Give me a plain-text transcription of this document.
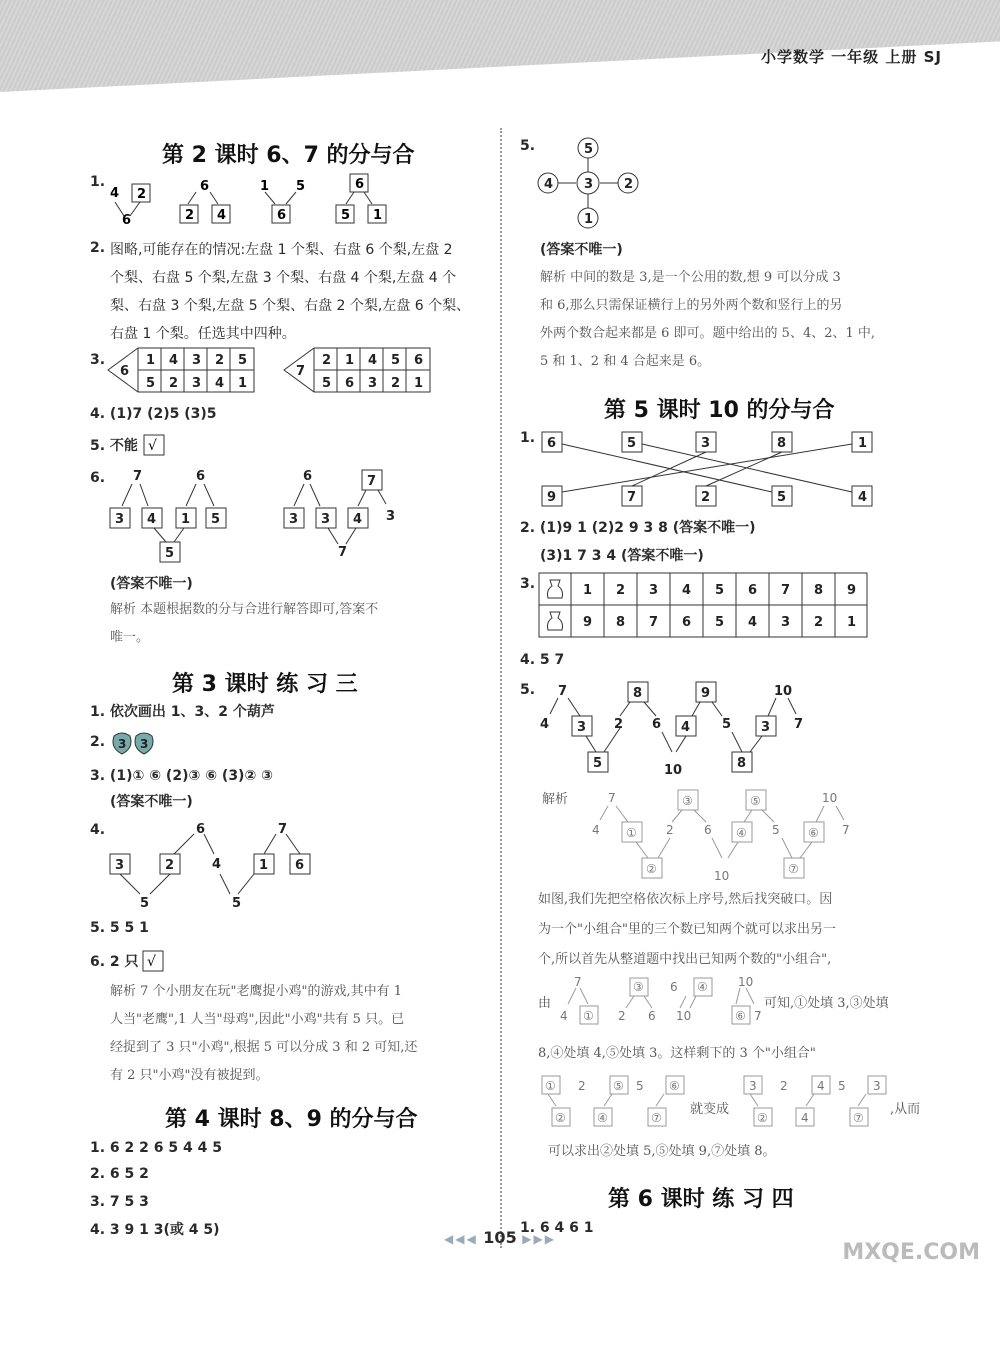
小学数学 一年级 上册 SJ
第 2 课时 6、7 的分与合
1.
4 2
6
6
2 4
1 5
6
6
5 1
2. 图略,可能存在的情况:左盘 1 个梨、右盘 6 个梨,左盘 2
个梨、右盘 5 个梨,左盘 3 个梨、右盘 4 个梨,左盘 4 个
梨、右盘 3 个梨,左盘 5 个梨、右盘 2 个梨,左盘 6 个梨、
右盘 1 个梨。任选其中四种。
3.
6
1 4 3 2 5
5 2 3 4 1
7
2 1 4 5 6
5 6 3 2 1
4. (1)7 (2)5 (3)5
5. 不能 √
6. 7	6
3 4 1 5
5
6	7
3 3 4 3
7
(答案不唯一)
解析 本题根据数的分与合进行解答即可,答案不
唯一。
第 3 课时 练 习 三
1. 依次画出 1、3、2 个葫芦
2. 3 3
3. (1)① ⑥ (2)③ ⑥ (3)② ③
(答案不唯一)
4.
3	2	1 6
6	7
4
5	5
5. 5 5 1
6. 2 只 √
解析 7 个小朋友在玩"老鹰捉小鸡"的游戏,其中有 1
人当"老鹰",1 人当"母鸡",因此"小鸡"共有 5 只。已
经捉到了 3 只"小鸡",根据 5 可以分成 3 和 2 可知,还
有 2 只"小鸡"没有被捉到。
第 4 课时 8、9 的分与合
1. 6 2 2 6 5 4 4 5
2. 6 5 2
3. 7 5 3
4. 3 9 1 3(或 4 5)
5.	5
3
1
4	2
(答案不唯一)
解析 中间的数是 3,是一个公用的数,想 9 可以分成 3
和 6,那么只需保证横行上的另外两个数和竖行上的另
外两个数合起来都是 6 即可。题中给出的 5、4、2、1 中,
5 和 1、2 和 4 合起来是 6。
第 5 课时 10 的分与合
1. 6	5	3	8	1
9	7	2	5	4
2. (1)9 1 (2)2 9 3 8 (答案不唯一)
(3)1 7 3 4 (答案不唯一)
3.	1 2 3 4 5 6 7 8 9
9 8 7 6 5 4 3 2 1
4. 5 7
5. 7
4 3 2
8
6 4
5	10
9
5 3
8
10
7
解析	7
4 ① 2
③
6 ④
②	10
⑤
5 ⑥
⑦
10
7
如图,我们先把空格依次标上序号,然后找突破口。因
为一个"小组合"里的三个数已知两个就可以求出另一
个,所以首先从整道题中找出已知两个数的"小组合",
由
7
4 ①
③
2 6
6 ④
10
10
⑥ 7
可知,①处填 3,③处填
8,④处填 4,⑤处填 3。这样剩下的 3 个"小组合"
① 2
②
⑤ 5
④
⑥
⑦
就变成
3 2
②
4 5
4
3
⑦
,从而
可以求出②处填 5,⑤处填 9,⑦处填 8。
第 6 课时 练 习 四
1. 6 4 6 1
◀◀◀ 105 ▶▶▶
MXQE.COM
